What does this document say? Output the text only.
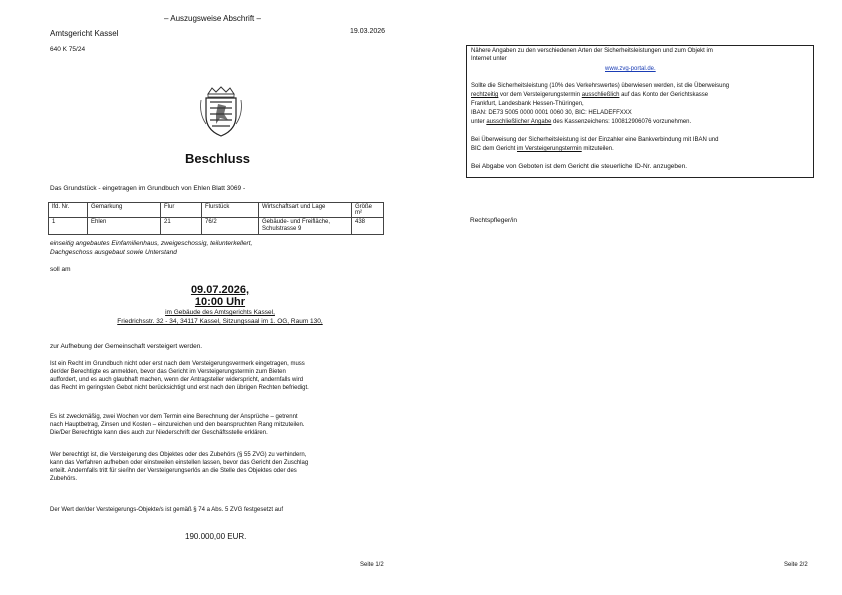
– Auszugsweise Abschrift –
Amtsgericht Kassel	19.03.2026
640 K 75/24
Beschluss
Das Grundstück - eingetragen im Grundbuch von Ehlen Blatt 3069 -
lfd. Nr.	Gemarkung	Flur	Flurstück	Wirtschaftsart und Lage	Größe m²
1	Ehlen	21	76/2	Gebäude- und Freifläche, Schulstrasse 9	438
einseitig angebautes Einfamilienhaus, zweigeschossig, teilunterkellert,
Dachgeschoss ausgebaut sowie Unterstand
soll am
09.07.2026,
10:00 Uhr
im Gebäude des Amtsgerichts Kassel,
Friedrichsstr. 32 - 34, 34117 Kassel, Sitzungssaal im 1. OG, Raum 130,
zur Aufhebung der Gemeinschaft versteigert werden.
Ist ein Recht im Grundbuch nicht oder erst nach dem Versteigerungsvermerk eingetragen, muss
der/der Berechtigte es anmelden, bevor das Gericht im Versteigerungstermin zum Bieten
auffordert, und es auch glaubhaft machen, wenn der Antragsteller widerspricht, andernfalls wird
das Recht im geringsten Gebot nicht berücksichtigt und erst nach den übrigen Rechten befriedigt.
Es ist zweckmäßig, zwei Wochen vor dem Termin eine Berechnung der Ansprüche – getrennt
nach Hauptbetrag, Zinsen und Kosten – einzureichen und den beanspruchten Rang mitzuteilen.
Die/Der Berechtigte kann dies auch zur Niederschrift der Geschäftsstelle erklären.
Wer berechtigt ist, die Versteigerung des Objektes oder des Zubehörs (§ 55 ZVG) zu verhindern,
kann das Verfahren aufheben oder einstweilen einstellen lassen, bevor das Gericht den Zuschlag
erteilt. Andernfalls tritt für sie/ihn der Versteigerungserlös an die Stelle des Objektes oder des
Zubehörs.
Der Wert der/der Versteigerungs-Objekte/s ist gemäß § 74 a Abs. 5 ZVG festgesetzt auf
190.000,00 EUR.
Seite 1/2
Nähere Angaben zu den verschiedenen Arten der Sicherheitsleistungen und zum Objekt im
Internet unter
www.zvg-portal.de.
Sollte die Sicherheitsleistung (10% des Verkehrswertes) überwiesen werden, ist die Überweisung
rechtzeitig vor dem Versteigerungstermin ausschließlich auf das Konto der Gerichtskasse
Frankfurt, Landesbank Hessen-Thüringen,
IBAN: DE73 5005 0000 0001 0060 30, BIC: HELADEFFXXX
unter ausschließlicher Angabe des Kassenzeichens: 100812906076 vorzunehmen.
Bei Überweisung der Sicherheitsleistung ist der Einzahler eine Bankverbindung mit IBAN und
BIC dem Gericht im Versteigerungstermin mitzuteilen.
Bei Abgabe von Geboten ist dem Gericht die steuerliche ID-Nr. anzugeben.
Rechtspfleger/in
Seite 2/2
